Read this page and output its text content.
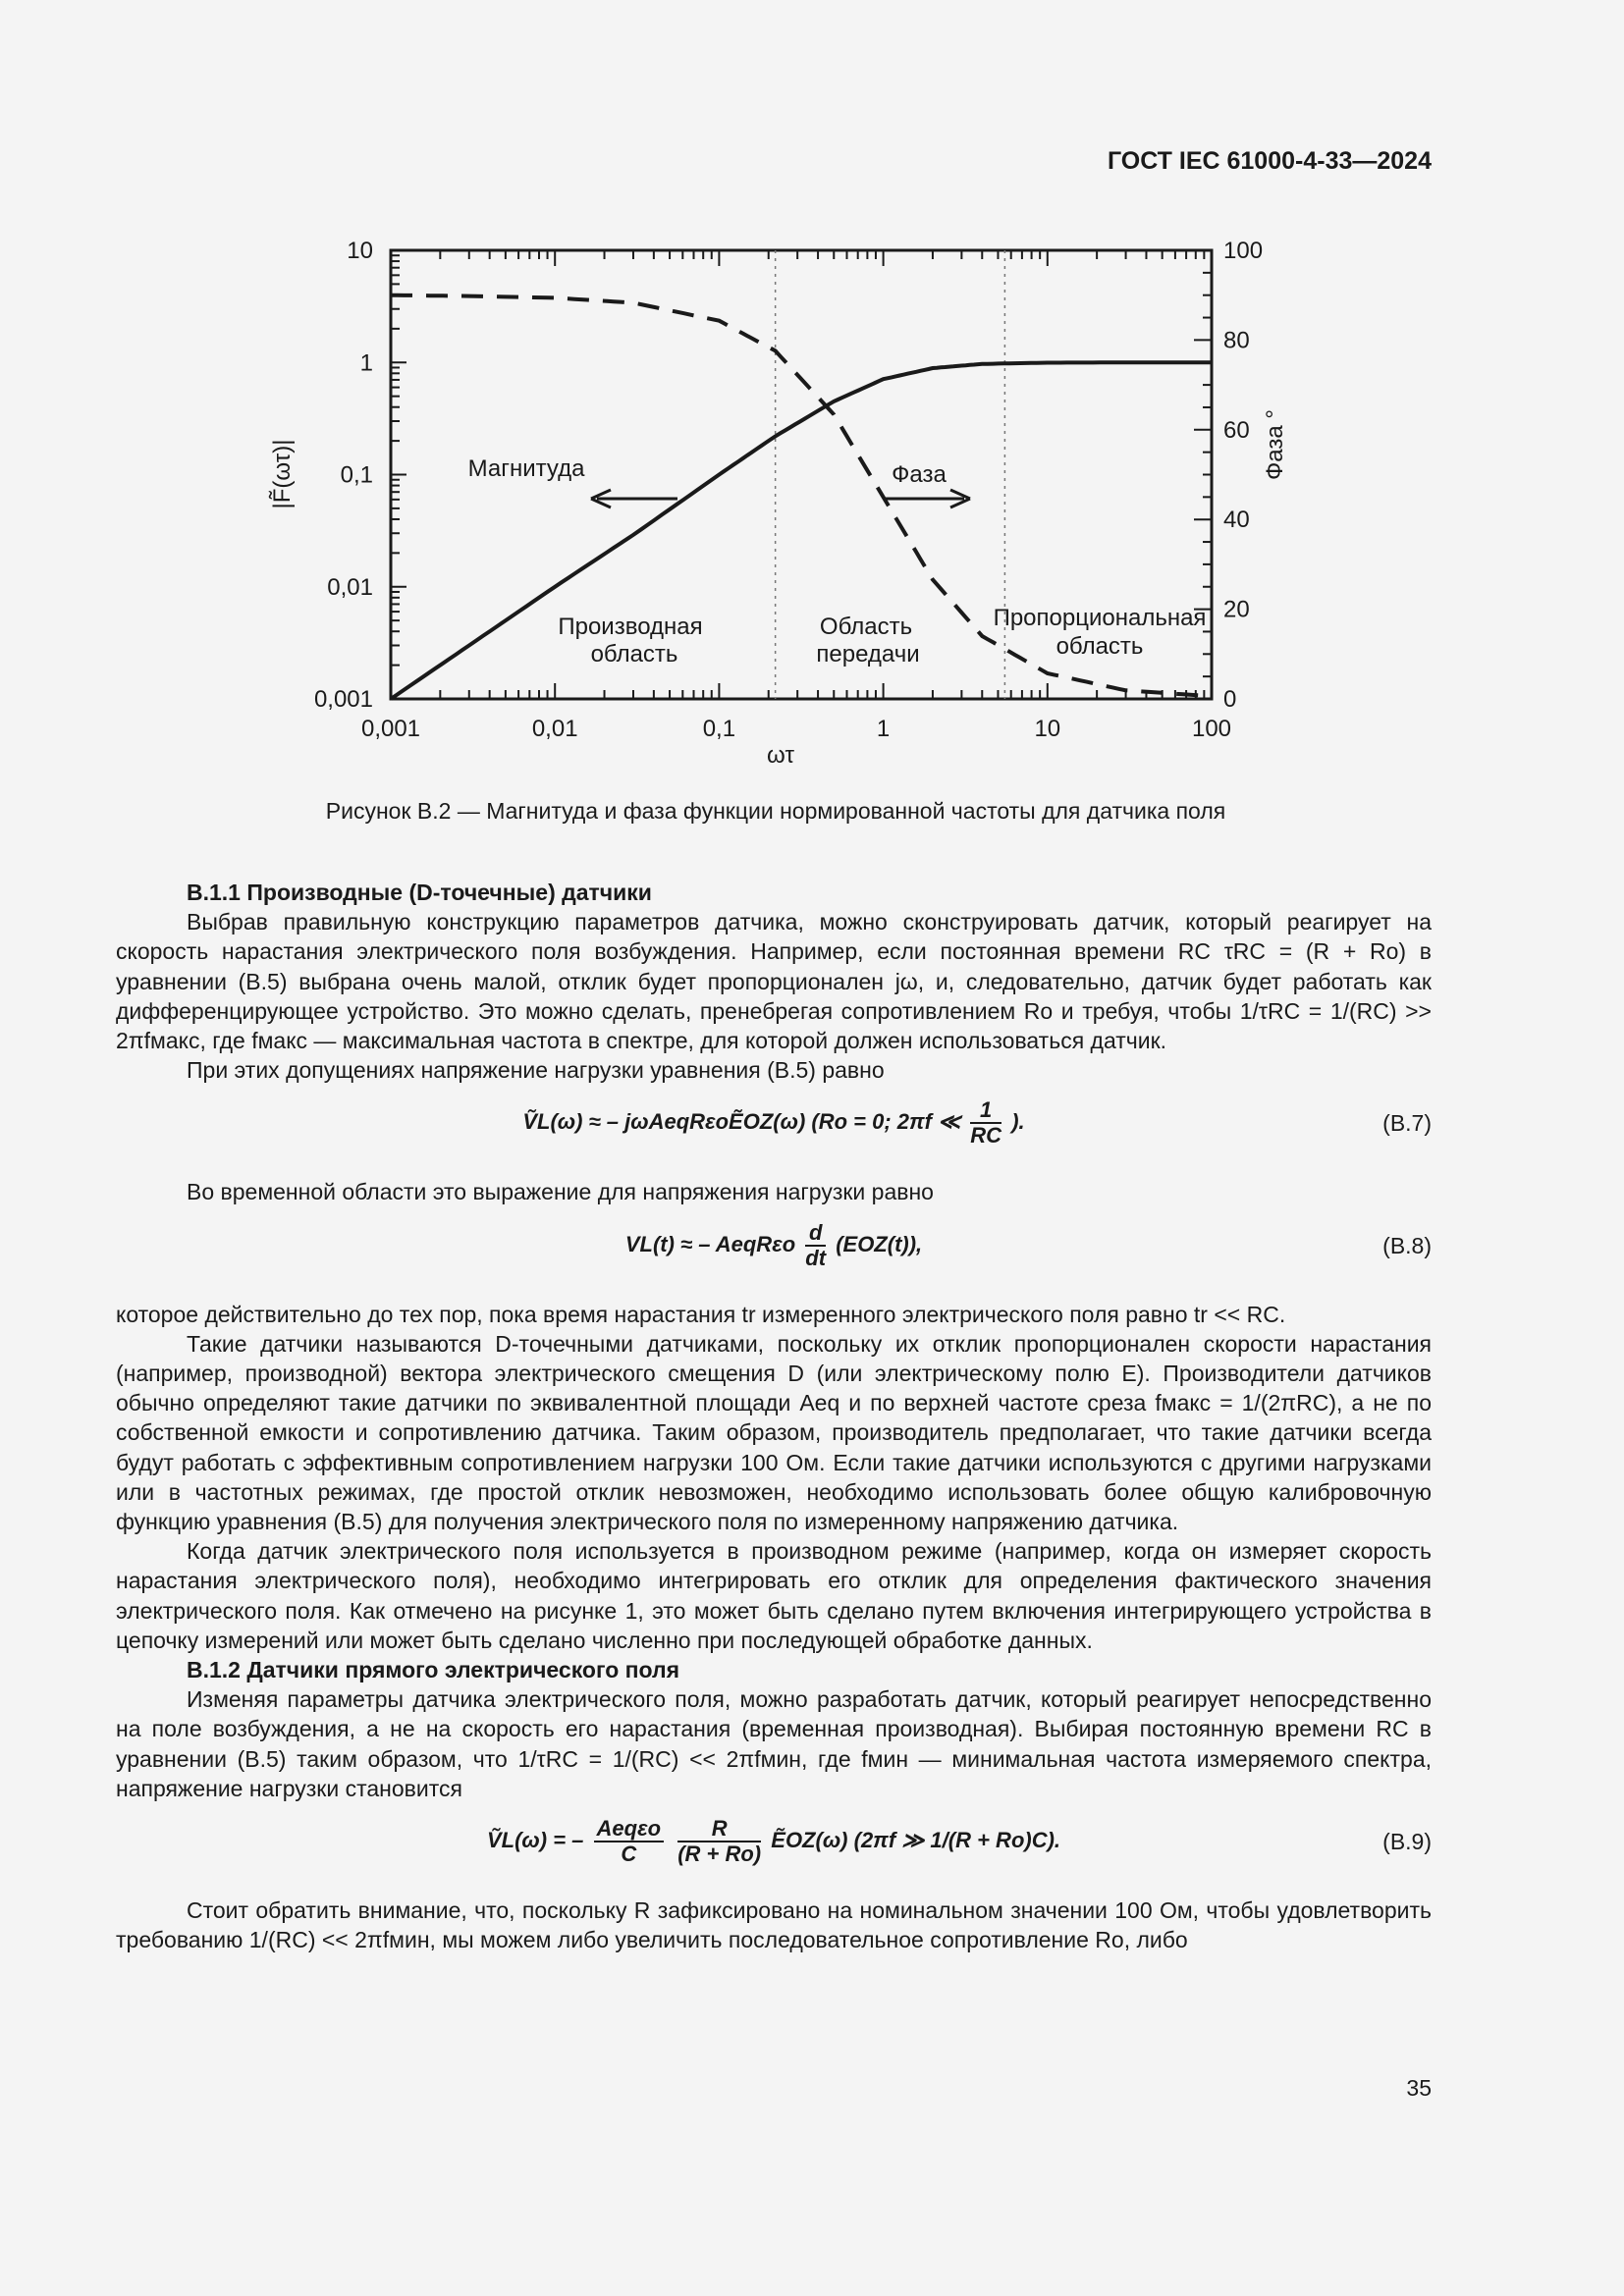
ГОСТ IEC 61000-4-33—2024
0,001	0,01	0,1	1	10	100
0,001
0,01
0,1
1
10
0
20
40
60
80
100
ωτ
|F̃(ωτ)|	Фаза °
Магнитуда	Фаза
Производная
область
Область
передачи
Пропорциональная
область
Рисунок В.2 — Магнитуда и фаза функции нормированной частоты для датчика поля
В.1.1 Производные (D-точечные) датчики

Выбрав правильную конструкцию параметров датчика, можно сконструировать датчик, который реагирует на скорость нарастания электрического поля возбуждения. Например, если постоянная времени RC τRC = (R + Ro) в уравнении (В.5) выбрана очень малой, отклик будет пропорционален jω, и, следовательно, датчик будет работать как дифференцирующее устройство. Это можно сделать, пренебрегая сопротивлением Ro и требуя, чтобы 1/τRC = 1/(RC) >> 2πfмакс, где fмакс — максимальная частота в спектре, для которой должен использоваться датчик.

При этих допущениях напряжение нагрузки уравнения (В.5) равно

ṼL(ω) ≈ – jωAeqRεoẼOZ(ω) (Ro = 0; 2πf ≪ $\frac{1}{RC}$ ).	(В.7)

Во временной области это выражение для напряжения нагрузки равно

VL(t) ≈ – AeqRεo $\frac{d}{dt} (EOZ(t))$,	(В.8)

которое действительно до тех пор, пока время нарастания tr измеренного электрического поля равно tr << RC.

Такие датчики называются D-точечными датчиками, поскольку их отклик пропорционален скорости нарастания (например, производной) вектора электрического смещения D (или электрическому полю E). Производители датчиков обычно определяют такие датчики по эквивалентной площади Aeq и по верхней частоте среза fмакс = 1/(2πRC), а не по собственной емкости и сопротивлению датчика. Таким образом, производитель предполагает, что такие датчики всегда будут работать с эффективным сопротивлением нагрузки 100 Ом. Если такие датчики используются с другими нагрузками или в частотных режимах, где простой отклик невозможен, необходимо использовать более общую калибровочную функцию уравнения (В.5) для получения электрического поля по измеренному напряжению датчика.

Когда датчик электрического поля используется в производном режиме (например, когда он измеряет скорость нарастания электрического поля), необходимо интегрировать его отклик для определения фактического значения электрического поля. Как отмечено на рисунке 1, это может быть сделано путем включения интегрирующего устройства в цепочку измерений или может быть сделано численно при последующей обработке данных.

В.1.2 Датчики прямого электрического поля

Изменяя параметры датчика электрического поля, можно разработать датчик, который реагирует непосредственно на поле возбуждения, а не на скорость его нарастания (временная производная). Выбирая постоянную времени RC в уравнении (В.5) таким образом, что 1/τRC = 1/(RC) << 2πfмин, где fмин — минимальная частота измеряемого спектра, напряжение нагрузки становится

ṼL(ω) = – $\frac{\text{Aeqεo}}{C}$
$\frac{R}{(R + Ro)}$ ẼOZ(ω) (2πf ≫ 1/(R + Ro)C).	(В.9)

Стоит обратить внимание, что, поскольку R зафиксировано на номинальном значении 100 Ом, чтобы удовлетворить требованию 1/(RC) << 2πfмин, мы можем либо увеличить последовательное сопротивление Ro, либо

35
